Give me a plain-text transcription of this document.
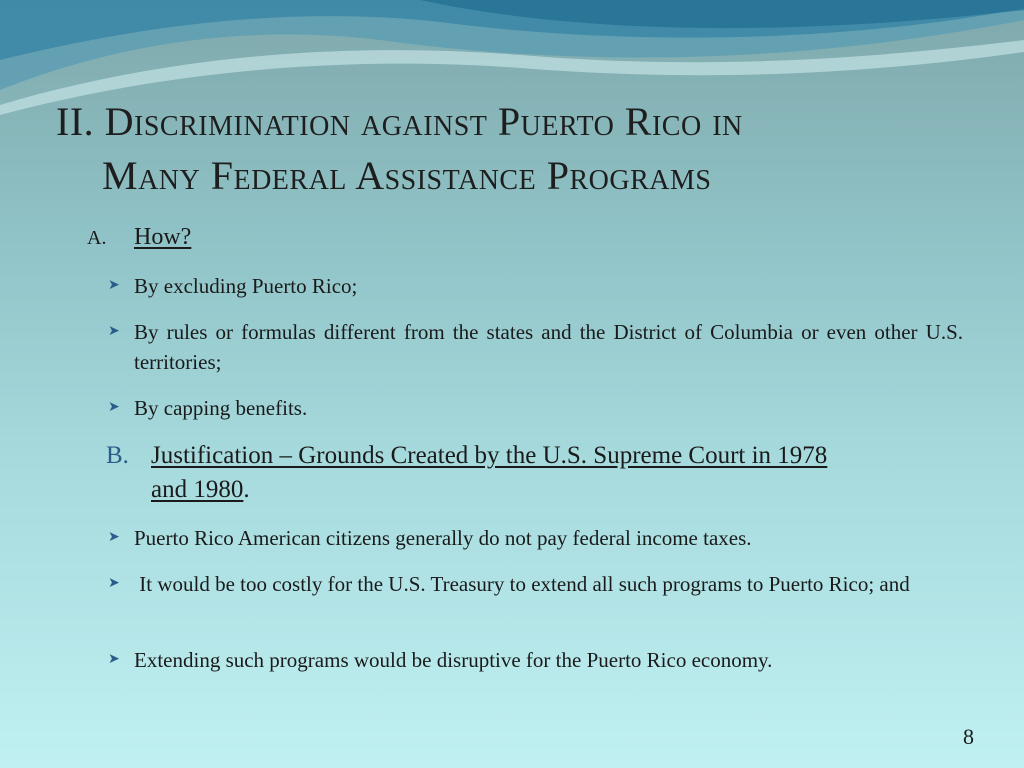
II. Discrimination against Puerto Rico in
Many Federal Assistance Programs
A. How?
➤ By excluding Puerto Rico;
➤ By rules or formulas different from the states and the District of Columbia or even other U.S. territories;
➤ By capping benefits.
B. Justification – Grounds Created by the U.S. Supreme Court in 1978
and 1980.
➤ Puerto Rico American citizens generally do not pay federal income taxes.
➤ It would be too costly for the U.S. Treasury to extend all such programs to Puerto Rico; and
➤ Extending such programs would be disruptive for the Puerto Rico economy.
8
